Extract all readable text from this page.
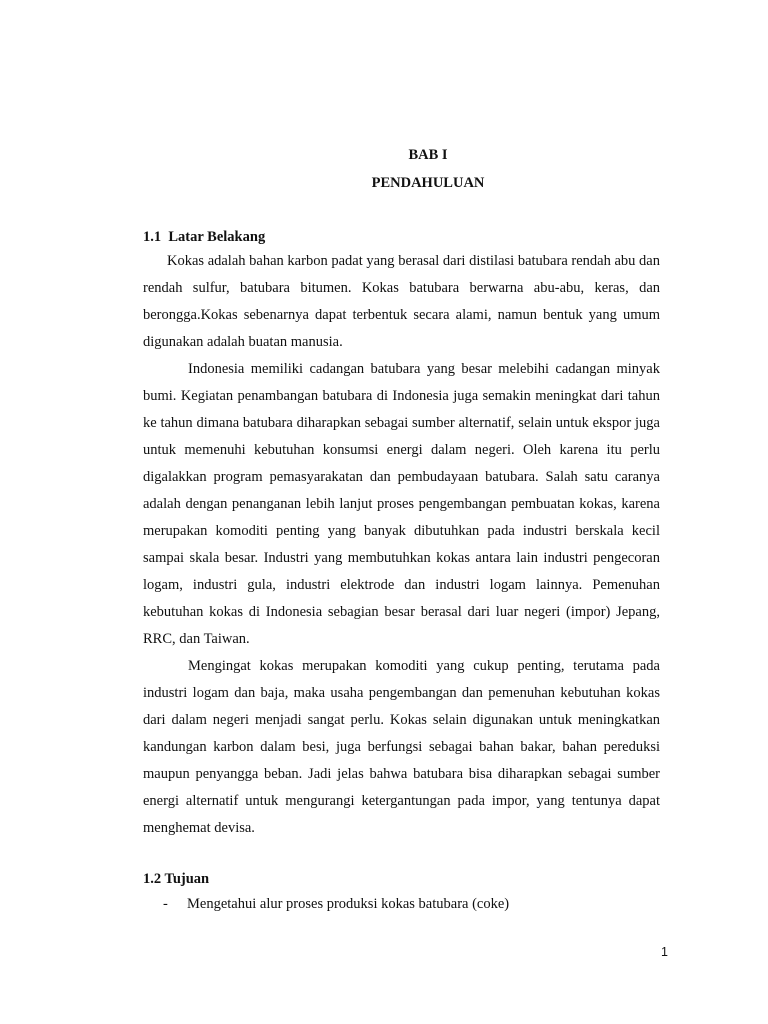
BAB I
PENDAHULUAN
1.1  Latar Belakang

Kokas adalah bahan karbon padat yang berasal dari distilasi batubara rendah abu dan rendah sulfur, batubara bitumen. Kokas batubara berwarna abu-abu, keras, dan berongga.Kokas sebenarnya dapat terbentuk secara alami, namun bentuk yang umum digunakan adalah buatan manusia.

Indonesia memiliki cadangan batubara yang besar melebihi cadangan minyak bumi. Kegiatan penambangan batubara di Indonesia juga semakin meningkat dari tahun ke tahun dimana batubara diharapkan sebagai sumber alternatif, selain untuk ekspor juga untuk memenuhi kebutuhan konsumsi energi dalam negeri. Oleh karena itu perlu digalakkan program pemasyarakatan dan pembudayaan batubara. Salah satu caranya adalah dengan penanganan lebih lanjut proses pengembangan pembuatan kokas, karena merupakan komoditi penting yang banyak dibutuhkan pada industri berskala kecil sampai skala besar. Industri yang membutuhkan kokas antara lain industri pengecoran logam, industri gula, industri elektrode dan industri logam lainnya. Pemenuhan kebutuhan kokas di Indonesia sebagian besar berasal dari luar negeri (impor) Jepang, RRC, dan Taiwan.

Mengingat kokas merupakan komoditi yang cukup penting, terutama pada industri logam dan baja, maka usaha pengembangan dan pemenuhan kebutuhan kokas dari dalam negeri menjadi sangat perlu. Kokas selain digunakan untuk meningkatkan kandungan karbon dalam besi, juga berfungsi sebagai bahan bakar, bahan pereduksi maupun penyangga beban. Jadi jelas bahwa batubara bisa diharapkan sebagai sumber energi alternatif untuk mengurangi ketergantungan pada impor, yang tentunya dapat menghemat devisa.

1.2 Tujuan
-	Mengetahui alur proses produksi kokas batubara (coke)
1
